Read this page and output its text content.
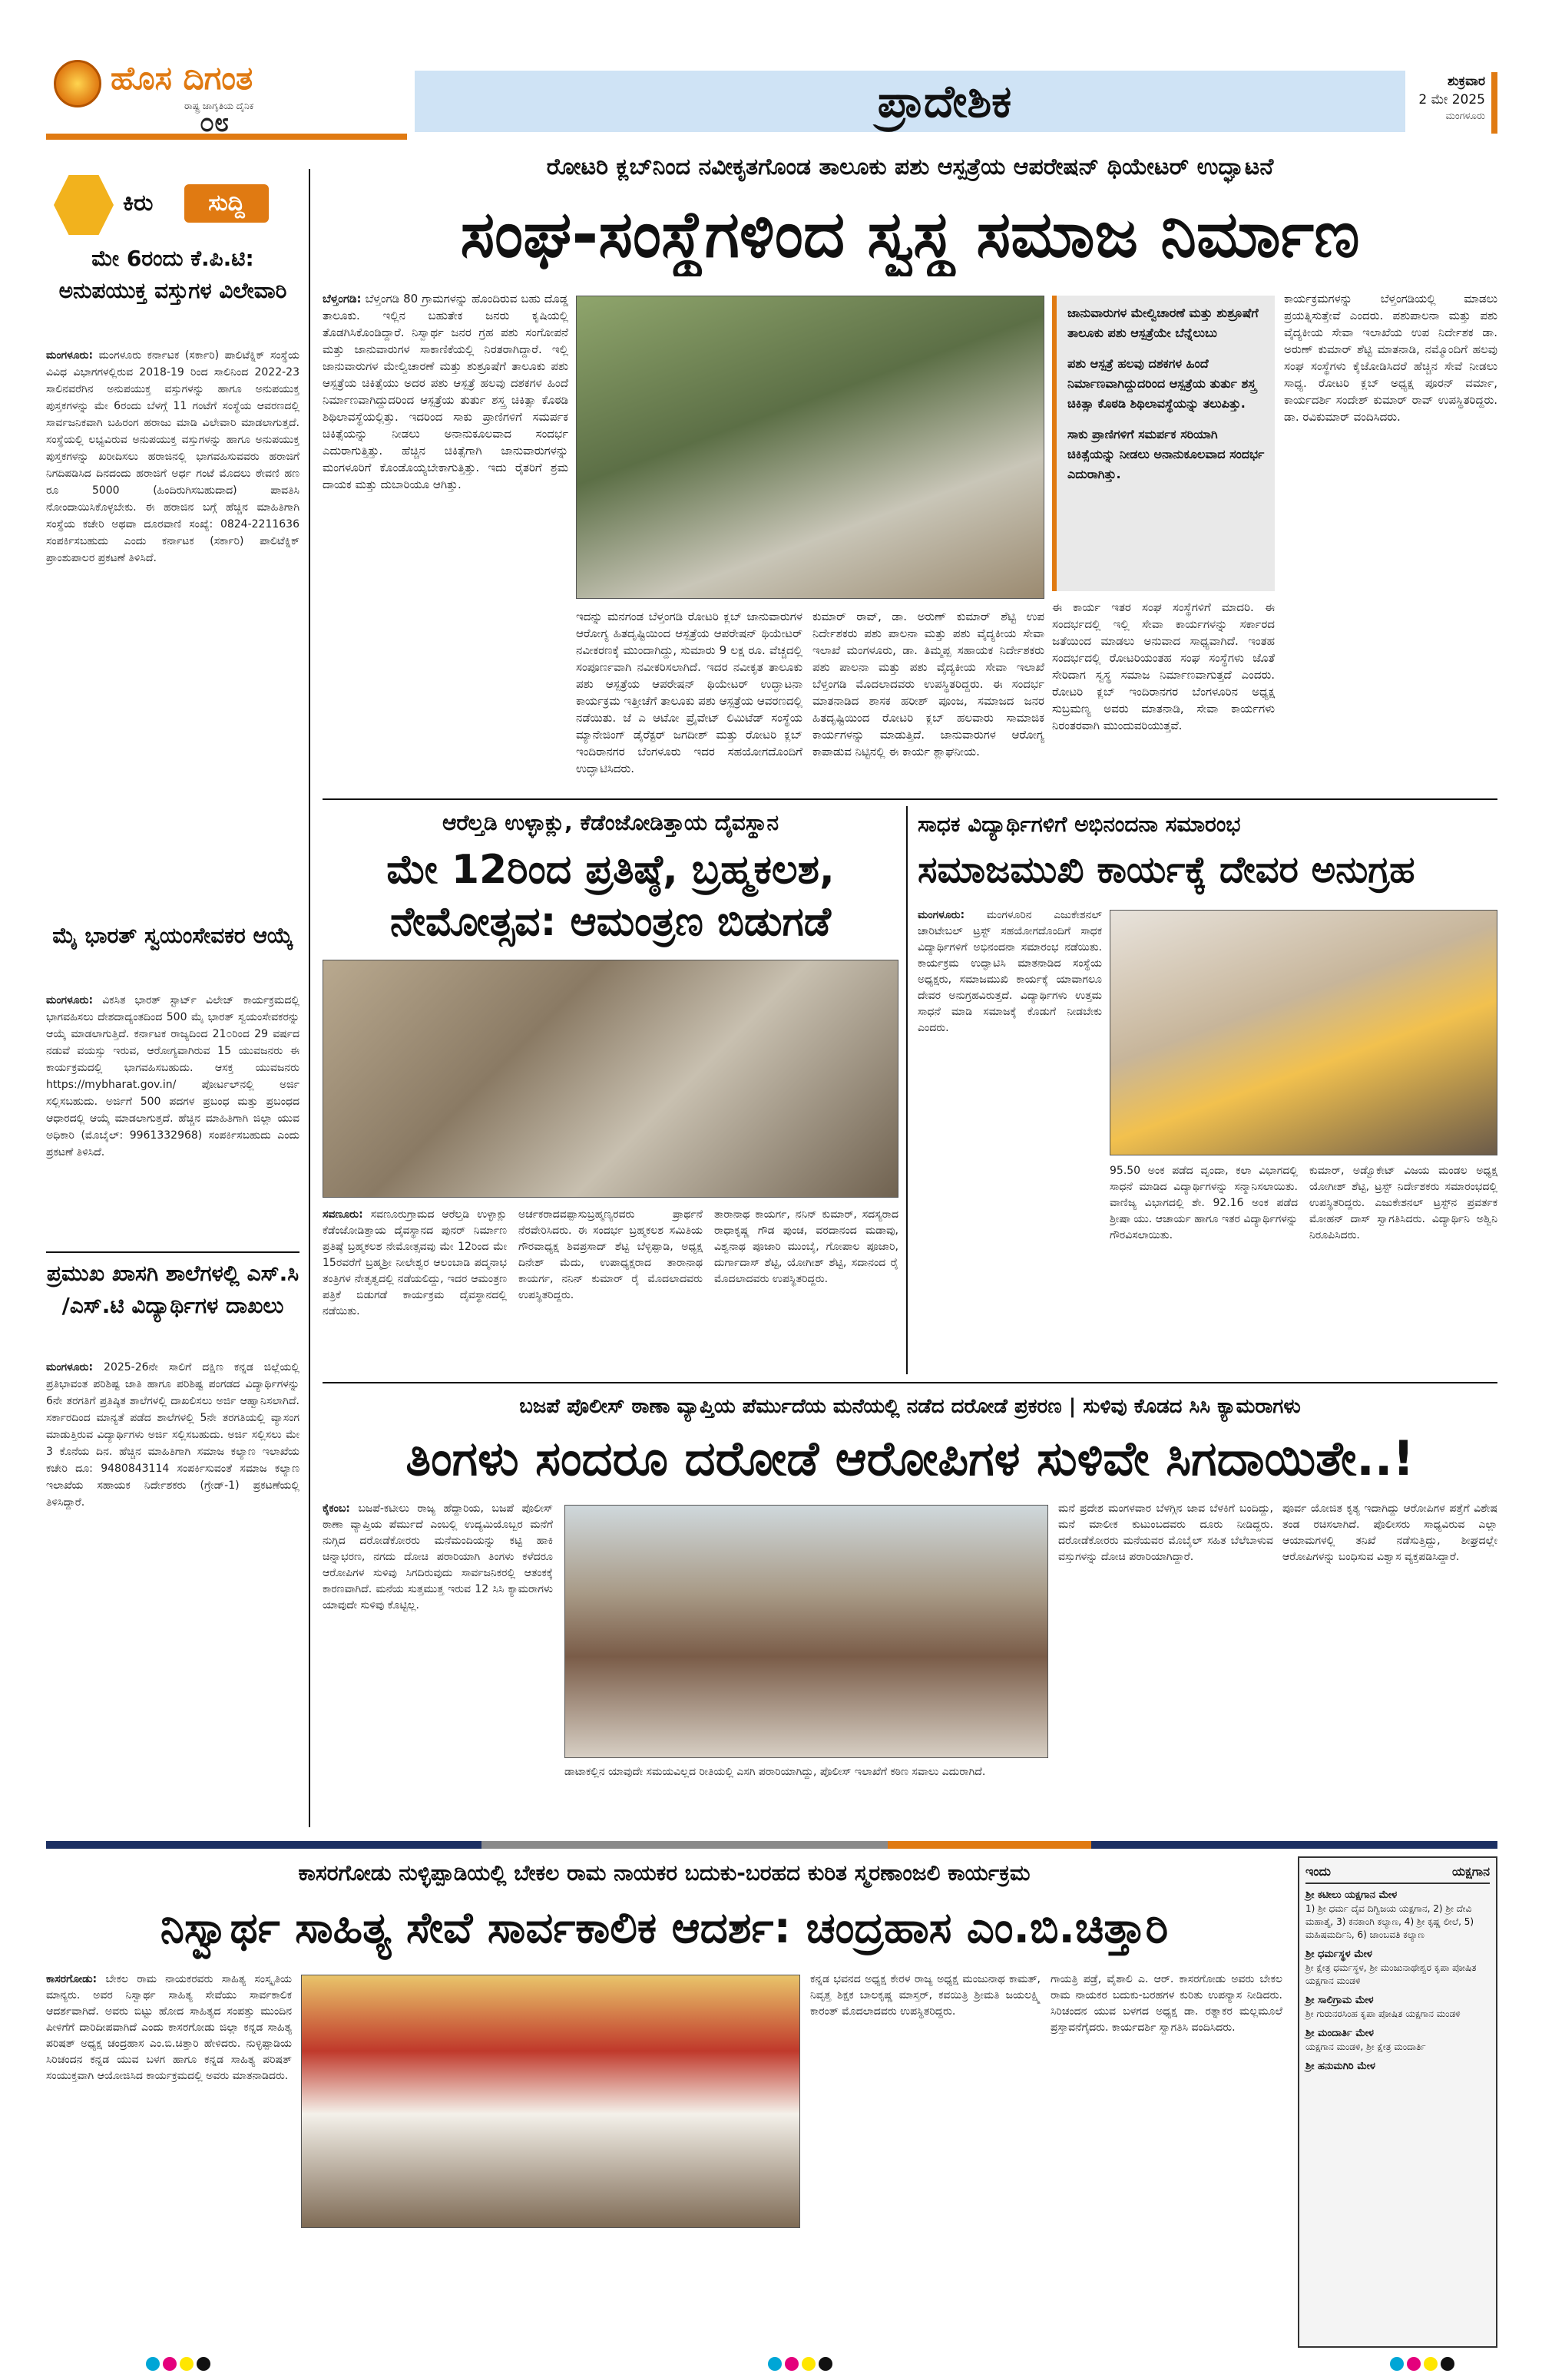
ಹೊಸ ದಿಗಂತ
ರಾಷ್ಟ್ರ ಜಾಗೃತಿಯ ದೈನಿಕ
೦೮	ಪ್ರಾದೇಶಿಕ	ಶುಕ್ರವಾರ
2 ಮೇ 2025
ಮಂಗಳೂರು
ಕಿರು	ಸುದ್ದಿ
ಮೇ 6ರಂದು ಕೆ.ಪಿ.ಟಿ: ಅನುಪಯುಕ್ತ ವಸ್ತುಗಳ ವಿಲೇವಾರಿ
ಮಂಗಳೂರು: ಮಂಗಳೂರು ಕರ್ನಾಟಕ (ಸರ್ಕಾರಿ) ಪಾಲಿಟೆಕ್ನಿಕ್ ಸಂಸ್ಥೆಯ ವಿವಿಧ ವಿಭಾಗಗಳಲ್ಲಿರುವ 2018-19 ರಿಂದ ಸಾಲಿನಿಂದ 2022-23 ಸಾಲಿನವರೆಗಿನ ಅನುಪಯುಕ್ತ ವಸ್ತುಗಳನ್ನು ಹಾಗೂ ಅನುಪಯುಕ್ತ ಪುಸ್ತಕಗಳನ್ನು ಮೇ 6ರಂದು ಬೆಳಗ್ಗೆ 11 ಗಂಟೆಗೆ ಸಂಸ್ಥೆಯ ಆವರಣದಲ್ಲಿ ಸಾರ್ವಜನಿಕವಾಗಿ ಬಹಿರಂಗ ಹರಾಜು ಮಾಡಿ ವಿಲೇವಾರಿ ಮಾಡಲಾಗುತ್ತದೆ. ಸಂಸ್ಥೆಯಲ್ಲಿ ಲಭ್ಯವಿರುವ ಅನುಪಯುಕ್ತ ವಸ್ತುಗಳನ್ನು ಹಾಗೂ ಅನುಪಯುಕ್ತ ಪುಸ್ತಕಗಳನ್ನು ಖರೀದಿಸಲು ಹರಾಜಿನಲ್ಲಿ ಭಾಗವಹಿಸುವವರು ಹರಾಜಿಗೆ ನಿಗದಿಪಡಿಸಿದ ದಿನದಂದು ಹರಾಜಿಗೆ ಅರ್ಧ ಗಂಟೆ ಮೊದಲು ಠೇವಣಿ ಹಣ ರೂ 5000 (ಹಿಂದಿರುಗಿಸಬಹುದಾದ) ಪಾವತಿಸಿ ನೋಂದಾಯಿಸಿಕೊಳ್ಳಬೇಕು. ಈ ಹರಾಜಿನ ಬಗ್ಗೆ ಹೆಚ್ಚಿನ ಮಾಹಿತಿಗಾಗಿ ಸಂಸ್ಥೆಯ ಕಚೇರಿ ಅಥವಾ ದೂರವಾಣಿ ಸಂಖ್ಯೆ: 0824-2211636 ಸಂಪರ್ಕಿಸಬಹುದು ಎಂದು ಕರ್ನಾಟಕ (ಸರ್ಕಾರಿ) ಪಾಲಿಟೆಕ್ನಿಕ್ ಪ್ರಾಂಶುಪಾಲರ ಪ್ರಕಟಣೆ ತಿಳಿಸಿದೆ.
ಮೈ ಭಾರತ್ ಸ್ವಯಂಸೇವಕರ ಆಯ್ಕೆ
ಮಂಗಳೂರು: ವಿಕಸಿತ ಭಾರತ್ ಸ್ಟಾರ್ಟ್ ವಿಲೇಜ್ ಕಾರ್ಯಕ್ರಮದಲ್ಲಿ ಭಾಗವಹಿಸಲು ದೇಶದಾದ್ಯಂತದಿಂದ 500 ಮೈ ಭಾರತ್ ಸ್ವಯಂಸೇವಕರನ್ನು ಆಯ್ಕೆ ಮಾಡಲಾಗುತ್ತಿದೆ. ಕರ್ನಾಟಕ ರಾಜ್ಯದಿಂದ 21೦ರಿಂದ 29 ವರ್ಷದ ನಡುವೆ ವಯಸ್ಸು ಇರುವ, ಆರೋಗ್ಯವಾಗಿರುವ 15 ಯುವಜನರು ಈ ಕಾರ್ಯಕ್ರಮದಲ್ಲಿ ಭಾಗವಹಿಸಬಹುದು. ಆಸಕ್ತ ಯುವಜನರು https://mybharat.gov.in/ ಪೋರ್ಟಲ್‌ನಲ್ಲಿ ಅರ್ಜಿ ಸಲ್ಲಿಸಬಹುದು. ಅರ್ಜಿಗೆ 500 ಪದಗಳ ಪ್ರಬಂಧ ಮತ್ತು ಪ್ರಬಂಧದ ಆಧಾರದಲ್ಲಿ ಆಯ್ಕೆ ಮಾಡಲಾಗುತ್ತದೆ. ಹೆಚ್ಚಿನ ಮಾಹಿತಿಗಾಗಿ ಜಿಲ್ಲಾ ಯುವ ಅಧಿಕಾರಿ (ಮೊಬೈಲ್: 9961332968) ಸಂಪರ್ಕಿಸಬಹುದು ಎಂದು ಪ್ರಕಟಣೆ ತಿಳಿಸಿದೆ.
ಪ್ರಮುಖ ಖಾಸಗಿ ಶಾಲೆಗಳಲ್ಲಿ ಎಸ್.ಸಿ /ಎಸ್.ಟಿ ವಿದ್ಯಾರ್ಥಿಗಳ ದಾಖಲು
ಮಂಗಳೂರು: 2025-26ನೇ ಸಾಲಿಗೆ ದಕ್ಷಿಣ ಕನ್ನಡ ಜಿಲ್ಲೆಯಲ್ಲಿ ಪ್ರತಿಭಾವಂತ ಪರಿಶಿಷ್ಟ ಜಾತಿ ಹಾಗೂ ಪರಿಶಿಷ್ಟ ಪಂಗಡದ ವಿದ್ಯಾರ್ಥಿಗಳನ್ನು 6ನೇ ತರಗತಿಗೆ ಪ್ರತಿಷ್ಠಿತ ಶಾಲೆಗಳಲ್ಲಿ ದಾಖಲಿಸಲು ಅರ್ಜಿ ಆಹ್ವಾನಿಸಲಾಗಿದೆ. ಸರ್ಕಾರದಿಂದ ಮಾನ್ಯತೆ ಪಡೆದ ಶಾಲೆಗಳಲ್ಲಿ 5ನೇ ತರಗತಿಯಲ್ಲಿ ವ್ಯಾಸಂಗ ಮಾಡುತ್ತಿರುವ ವಿದ್ಯಾರ್ಥಿಗಳು ಅರ್ಜಿ ಸಲ್ಲಿಸಬಹುದು. ಅರ್ಜಿ ಸಲ್ಲಿಸಲು ಮೇ 3 ಕೊನೆಯ ದಿನ. ಹೆಚ್ಚಿನ ಮಾಹಿತಿಗಾಗಿ ಸಮಾಜ ಕಲ್ಯಾಣ ಇಲಾಖೆಯ ಕಚೇರಿ ದೂ: 9480843114 ಸಂಪರ್ಕಿಸುವಂತೆ ಸಮಾಜ ಕಲ್ಯಾಣ ಇಲಾಖೆಯ ಸಹಾಯಕ ನಿರ್ದೇಶಕರು (ಗ್ರೇಡ್-1) ಪ್ರಕಟಣೆಯಲ್ಲಿ ತಿಳಿಸಿದ್ದಾರೆ.
ರೋಟರಿ ಕ್ಲಬ್‌ನಿಂದ ನವೀಕೃತಗೊಂಡ ತಾಲೂಕು ಪಶು ಆಸ್ಪತ್ರೆಯ ಆಪರೇಷನ್ ಥಿಯೇಟರ್ ಉದ್ಘಾಟನೆ
ಸಂಘ-ಸಂಸ್ಥೆಗಳಿಂದ ಸ್ವಸ್ಥ ಸಮಾಜ ನಿರ್ಮಾಣ
ಬೆಳ್ತಂಗಡಿ: ಬೆಳ್ತಂಗಡಿ 80 ಗ್ರಾಮಗಳನ್ನು ಹೊಂದಿರುವ ಬಹು ದೊಡ್ಡ ತಾಲೂಕು. ಇಲ್ಲಿನ ಬಹುತೇಕ ಜನರು ಕೃಷಿಯಲ್ಲಿ ತೊಡಗಿಸಿಕೊಂಡಿದ್ದಾರೆ. ನಿಸ್ವಾರ್ಥ ಜನರ ಗ್ರಹ ಪಶು ಸಂಗೋಪನೆ ಮತ್ತು ಜಾನುವಾರುಗಳ ಸಾಕಾಣಿಕೆಯಲ್ಲಿ ನಿರತರಾಗಿದ್ದಾರೆ. ಇಲ್ಲಿ ಜಾನುವಾರುಗಳ ಮೇಲ್ವಿಚಾರಣೆ ಮತ್ತು ಶುಶ್ರೂಷೆಗೆ ತಾಲೂಕು ಪಶು ಆಸ್ಪತ್ರೆಯ ಚಿಕಿತ್ಸೆಯು ಅದರ ಪಶು ಆಸ್ಪತ್ರೆ ಹಲವು ದಶಕಗಳ ಹಿಂದೆ ನಿರ್ಮಾಣವಾಗಿದ್ದುದರಿಂದ ಆಸ್ಪತ್ರೆಯ ತುರ್ತು ಶಸ್ತ್ರ ಚಿಕಿತ್ಸಾ ಕೊಠಡಿ ಶಿಥಿಲಾವಸ್ಥೆಯಲ್ಲಿತ್ತು. ಇದರಿಂದ ಸಾಕು ಪ್ರಾಣಿಗಳಿಗೆ ಸಮರ್ಪಕ ಚಿಕಿತ್ಸೆಯನ್ನು ನೀಡಲು ಅನಾನುಕೂಲವಾದ ಸಂದರ್ಭ ಎದುರಾಗುತ್ತಿತ್ತು. ಹೆಚ್ಚಿನ ಚಿಕಿತ್ಸೆಗಾಗಿ ಜಾನುವಾರುಗಳನ್ನು ಮಂಗಳೂರಿಗೆ ಕೊಂಡೊಯ್ಯಬೇಕಾಗುತ್ತಿತ್ತು. ಇದು ರೈತರಿಗೆ ಶ್ರಮ ದಾಯಕ ಮತ್ತು ದುಬಾರಿಯೂ ಆಗಿತ್ತು.
ಇದನ್ನು ಮನಗಂಡ ಬೆಳ್ತಂಗಡಿ ರೋಟರಿ ಕ್ಲಬ್ ಜಾನುವಾರುಗಳ ಆರೋಗ್ಯ ಹಿತದೃಷ್ಟಿಯಿಂದ ಆಸ್ಪತ್ರೆಯ ಆಪರೇಷನ್ ಥಿಯೇಟರ್ ನವೀಕರಣಕ್ಕೆ ಮುಂದಾಗಿದ್ದು, ಸುಮಾರು 9 ಲಕ್ಷ ರೂ. ವೆಚ್ಚದಲ್ಲಿ ಸಂಪೂರ್ಣವಾಗಿ ನವೀಕರಿಸಲಾಗಿದೆ. ಇದರ ನವೀಕೃತ ತಾಲೂಕು ಪಶು ಆಸ್ಪತ್ರೆಯ ಆಪರೇಷನ್ ಥಿಯೇಟರ್ ಉದ್ಘಾಟನಾ ಕಾರ್ಯಕ್ರಮ ಇತ್ತೀಚೆಗೆ ತಾಲೂಕು ಪಶು ಆಸ್ಪತ್ರೆಯ ಆವರಣದಲ್ಲಿ ನಡೆಯಿತು. ಜೆ ಎ ಆಟೋ ಪ್ರೈವೇಟ್ ಲಿಮಿಟೆಡ್ ಸಂಸ್ಥೆಯ ಮ್ಯಾನೇಜಿಂಗ್ ಡೈರೆಕ್ಟರ್ ಜಗದೀಶ್ ಮತ್ತು ರೋಟರಿ ಕ್ಲಬ್ ಇಂದಿರಾನಗರ ಬೆಂಗಳೂರು ಇದರ ಸಹಯೋಗದೊಂದಿಗೆ ಉದ್ಘಾಟಿಸಿದರು.
ಕುಮಾರ್ ರಾವ್, ಡಾ. ಅರುಣ್ ಕುಮಾರ್ ಶೆಟ್ಟಿ ಉಪ ನಿರ್ದೇಶಕರು ಪಶು ಪಾಲನಾ ಮತ್ತು ಪಶು ವೈದ್ಯಕೀಯ ಸೇವಾ ಇಲಾಖೆ ಮಂಗಳೂರು, ಡಾ. ತಿಮ್ಮಪ್ಪ ಸಹಾಯಕ ನಿರ್ದೇಶಕರು ಪಶು ಪಾಲನಾ ಮತ್ತು ಪಶು ವೈದ್ಯಕೀಯ ಸೇವಾ ಇಲಾಖೆ ಬೆಳ್ತಂಗಡಿ ಮೊದಲಾದವರು ಉಪಸ್ಥಿತರಿದ್ದರು. ಈ ಸಂದರ್ಭ ಮಾತನಾಡಿದ ಶಾಸಕ ಹರೀಶ್ ಪೂಂಜ, ಸಮಾಜದ ಜನರ ಹಿತದೃಷ್ಟಿಯಿಂದ ರೋಟರಿ ಕ್ಲಬ್ ಹಲವಾರು ಸಾಮಾಜಿಕ ಕಾರ್ಯಗಳನ್ನು ಮಾಡುತ್ತಿದೆ. ಜಾನುವಾರುಗಳ ಆರೋಗ್ಯ ಕಾಪಾಡುವ ನಿಟ್ಟಿನಲ್ಲಿ ಈ ಕಾರ್ಯ ಶ್ಲಾಘನೀಯ.
ಜಾನುವಾರುಗಳ ಮೇಲ್ವಿಚಾರಣೆ ಮತ್ತು ಶುಶ್ರೂಷೆಗೆ ತಾಲೂಕು ಪಶು ಆಸ್ಪತ್ರೆಯೇ ಬೆನ್ನೆಲುಬು
ಪಶು ಆಸ್ಪತ್ರೆ ಹಲವು ದಶಕಗಳ ಹಿಂದೆ ನಿರ್ಮಾಣವಾಗಿದ್ದುದರಿಂದ ಆಸ್ಪತ್ರೆಯ ತುರ್ತು ಶಸ್ತ್ರ ಚಿಕಿತ್ಸಾ ಕೊಠಡಿ ಶಿಥಿಲಾವಸ್ಥೆಯನ್ನು ತಲುಪಿತ್ತು.
ಸಾಕು ಪ್ರಾಣಿಗಳಿಗೆ ಸಮರ್ಪಕ ಸರಿಯಾಗಿ ಚಿಕಿತ್ಸೆಯನ್ನು ನೀಡಲು ಅನಾನುಕೂಲವಾದ ಸಂದರ್ಭ ಎದುರಾಗಿತ್ತು.
ಈ ಕಾರ್ಯ ಇತರ ಸಂಘ ಸಂಸ್ಥೆಗಳಿಗೆ ಮಾದರಿ. ಈ ಸಂದರ್ಭದಲ್ಲಿ ಇಲ್ಲಿ ಸೇವಾ ಕಾರ್ಯಗಳನ್ನು ಸರ್ಕಾರದ ಜತೆಯಿಂದ ಮಾಡಲು ಅನುವಾದ ಸಾಧ್ಯವಾಗಿದೆ. ಇಂತಹ ಸಂದರ್ಭದಲ್ಲಿ ರೋಟರಿಯಂತಹ ಸಂಘ ಸಂಸ್ಥೆಗಳು ಜೊತೆ ಸೇರಿದಾಗ ಸ್ವಸ್ಥ ಸಮಾಜ ನಿರ್ಮಾಣವಾಗುತ್ತದೆ ಎಂದರು. ರೋಟರಿ ಕ್ಲಬ್ ಇಂದಿರಾನಗರ ಬೆಂಗಳೂರಿನ ಅಧ್ಯಕ್ಷ ಸುಬ್ರಮಣ್ಯ ಅವರು ಮಾತನಾಡಿ, ಸೇವಾ ಕಾರ್ಯಗಳು ನಿರಂತರವಾಗಿ ಮುಂದುವರಿಯುತ್ತವೆ.
ಕಾರ್ಯಕ್ರಮಗಳನ್ನು ಬೆಳ್ತಂಗಡಿಯಲ್ಲಿ ಮಾಡಲು ಪ್ರಯತ್ನಿಸುತ್ತೇವೆ ಎಂದರು. ಪಶುಪಾಲನಾ ಮತ್ತು ಪಶು ವೈದ್ಯಕೀಯ ಸೇವಾ ಇಲಾಖೆಯ ಉಪ ನಿರ್ದೇಶಕ ಡಾ. ಅರುಣ್ ಕುಮಾರ್ ಶೆಟ್ಟಿ ಮಾತನಾಡಿ, ನಮ್ಮೊಂದಿಗೆ ಹಲವು ಸಂಘ ಸಂಸ್ಥೆಗಳು ಕೈಜೋಡಿಸಿದರೆ ಹೆಚ್ಚಿನ ಸೇವೆ ನೀಡಲು ಸಾಧ್ಯ. ರೋಟರಿ ಕ್ಲಬ್ ಅಧ್ಯಕ್ಷ ಪೂರನ್ ವರ್ಮಾ, ಕಾರ್ಯದರ್ಶಿ ಸಂದೇಶ್ ಕುಮಾರ್ ರಾವ್ ಉಪಸ್ಥಿತರಿದ್ದರು. ಡಾ. ರವಿಕುಮಾರ್ ವಂದಿಸಿದರು.
ಆರೆಲ್ತಡಿ ಉಳ್ಳಾಕ್ಲು, ಕೆಡೆಂಜೋಡಿತ್ತಾಯ ದೈವಸ್ಥಾನ
ಮೇ 12ರಿಂದ ಪ್ರತಿಷ್ಠೆ, ಬ್ರಹ್ಮಕಲಶ,
ನೇಮೋತ್ಸವ: ಆಮಂತ್ರಣ ಬಿಡುಗಡೆ
ಸವಣೂರು: ಸವಣೂರುಗ್ರಾಮದ ಆರೆಲ್ತಡಿ ಉಳ್ಳಾಕ್ಲು ಕೆಡೆಂಜೋಡಿತ್ತಾಯ ದೈವಸ್ಥಾನದ ಪುನರ್ ನಿರ್ಮಾಣ ಪ್ರತಿಷ್ಠೆ ಬ್ರಹ್ಮಕಲಶ ನೇಮೋತ್ಸವವು ಮೇ 12ರಿಂದ ಮೇ 15ರವರೆಗೆ ಬ್ರಹ್ಮಶ್ರೀ ನೀಲೇಶ್ವರ ಆಲಂಬಾಡಿ ಪದ್ಮನಾಭ ತಂತ್ರಿಗಳ ನೇತೃತ್ವದಲ್ಲಿ ನಡೆಯಲಿದ್ದು, ಇದರ ಆಮಂತ್ರಣ ಪತ್ರಿಕೆ ಬಿಡುಗಡೆ ಕಾರ್ಯಕ್ರಮ ದೈವಸ್ಥಾನದಲ್ಲಿ ನಡೆಯಿತು.
ಅರ್ಚಕರಾದವಪ್ಪಾಸುಬ್ರಹ್ಮಣ್ಯರವರು ಪ್ರಾರ್ಥನೆ ನೆರವೇರಿಸಿದರು. ಈ ಸಂದರ್ಭ ಬ್ರಹ್ಮಕಲಶ ಸಮಿತಿಯ ಗೌರವಾಧ್ಯಕ್ಷ ಶಿವಪ್ರಸಾದ್ ಶೆಟ್ಟಿ ಬೆಳ್ಳಿಪ್ಪಾಡಿ, ಅಧ್ಯಕ್ಷ ದಿನೇಶ್ ಮೆದು, ಉಪಾಧ್ಯಕ್ಷರಾದ ತಾರಾನಾಥ ಕಾಯರ್ಗ, ನನಿನ್ ಕುಮಾರ್ ರೈ ಮೊದಲಾದವರು ಉಪಸ್ಥಿತರಿದ್ದರು.
ತಾರಾನಾಥ ಕಾಯರ್ಗ, ನನಿನ್ ಕುಮಾರ್, ಸದಸ್ಯರಾದ ರಾಧಾಕೃಷ್ಣ ಗೌಡ ಪುಂಚ, ವರದಾನಂದ ಮಡಾವು, ವಿಶ್ವನಾಥ ಪೂಜಾರಿ ಮುಂಬೈ, ಗೋಪಾಲ ಪೂಜಾರಿ, ದುರ್ಗಾದಾಸ್ ಶೆಟ್ಟಿ, ಯೋಗೀಶ್ ಶೆಟ್ಟಿ, ಸದಾನಂದ ರೈ ಮೊದಲಾದವರು ಉಪಸ್ಥಿತರಿದ್ದರು.
ಸಾಧಕ ವಿದ್ಯಾರ್ಥಿಗಳಿಗೆ ಅಭಿನಂದನಾ ಸಮಾರಂಭ
ಸಮಾಜಮುಖಿ ಕಾರ್ಯಕ್ಕೆ ದೇವರ ಅನುಗ್ರಹ
ಮಂಗಳೂರು: ಮಂಗಳೂರಿನ ಎಜುಕೇಶನಲ್ ಚಾರಿಟೇಬಲ್ ಟ್ರಸ್ಟ್ ಸಹಯೋಗದೊಂದಿಗೆ ಸಾಧಕ ವಿದ್ಯಾರ್ಥಿಗಳಿಗೆ ಅಭಿನಂದನಾ ಸಮಾರಂಭ ನಡೆಯಿತು. ಕಾರ್ಯಕ್ರಮ ಉದ್ಘಾಟಿಸಿ ಮಾತನಾಡಿದ ಸಂಸ್ಥೆಯ ಅಧ್ಯಕ್ಷರು, ಸಮಾಜಮುಖಿ ಕಾರ್ಯಕ್ಕೆ ಯಾವಾಗಲೂ ದೇವರ ಅನುಗ್ರಹವಿರುತ್ತದೆ. ವಿದ್ಯಾರ್ಥಿಗಳು ಉತ್ತಮ ಸಾಧನೆ ಮಾಡಿ ಸಮಾಜಕ್ಕೆ ಕೊಡುಗೆ ನೀಡಬೇಕು ಎಂದರು.
95.50 ಅಂಕ ಪಡೆದ ವೃಂದಾ, ಕಲಾ ವಿಭಾಗದಲ್ಲಿ ಸಾಧನೆ ಮಾಡಿದ ವಿದ್ಯಾರ್ಥಿಗಳನ್ನು ಸನ್ಮಾನಿಸಲಾಯಿತು. ವಾಣಿಜ್ಯ ವಿಭಾಗದಲ್ಲಿ ಶೇ. 92.16 ಅಂಕ ಪಡೆದ ಶ್ರೀಷಾ ಯು. ಆಚಾರ್ಯ ಹಾಗೂ ಇತರ ವಿದ್ಯಾರ್ಥಿಗಳನ್ನು ಗೌರವಿಸಲಾಯಿತು.
ಕುಮಾರ್, ಅಡ್ವೊಕೇಟ್ ವಿಜಯ ಮಂಡಲ ಅಧ್ಯಕ್ಷ ಯೋಗೀಶ್ ಶೆಟ್ಟಿ, ಟ್ರಸ್ಟ್ ನಿರ್ದೇಶಕರು ಸಮಾರಂಭದಲ್ಲಿ ಉಪಸ್ಥಿತರಿದ್ದರು. ಎಜುಕೇಶನಲ್ ಟ್ರಸ್ಟ್‌ನ ಪ್ರವರ್ತಕ ಮೋಹನ್ ದಾಸ್ ಸ್ವಾಗತಿಸಿದರು. ವಿದ್ಯಾರ್ಥಿನಿ ಅಶ್ವಿನಿ ನಿರೂಪಿಸಿದರು.
ಬಜಪೆ ಪೊಲೀಸ್ ಠಾಣಾ ವ್ಯಾಪ್ತಿಯ ಪೆರ್ಮುದೆಯ ಮನೆಯಲ್ಲಿ ನಡೆದ ದರೋಡೆ ಪ್ರಕರಣ | ಸುಳಿವು ಕೊಡದ ಸಿಸಿ ಕ್ಯಾಮರಾಗಳು
ತಿಂಗಳು ಸಂದರೂ ದರೋಡೆ ಆರೋಪಿಗಳ ಸುಳಿವೇ ಸಿಗದಾಯಿತೇ..!
ಕೈಕಂಬ: ಬಜಪೆ-ಕಟೀಲು ರಾಜ್ಯ ಹೆದ್ದಾರಿಯ, ಬಜಪೆ ಪೊಲೀಸ್ ಠಾಣಾ ವ್ಯಾಪ್ತಿಯ ಪೆರ್ಮುದೆ ಎಂಬಲ್ಲಿ ಉದ್ಯಮಿಯೊಬ್ಬರ ಮನೆಗೆ ನುಗ್ಗಿದ ದರೋಡೆಕೋರರು ಮನೆಮಂದಿಯನ್ನು ಕಟ್ಟಿ ಹಾಕಿ ಚಿನ್ನಾಭರಣ, ನಗದು ದೋಚಿ ಪರಾರಿಯಾಗಿ ತಿಂಗಳು ಕಳೆದರೂ ಆರೋಪಿಗಳ ಸುಳಿವು ಸಿಗದಿರುವುದು ಸಾರ್ವಜನಿಕರಲ್ಲಿ ಆತಂಕಕ್ಕೆ ಕಾರಣವಾಗಿದೆ. ಮನೆಯ ಸುತ್ತಮುತ್ತ ಇರುವ 12 ಸಿಸಿ ಕ್ಯಾಮರಾಗಳು ಯಾವುದೇ ಸುಳಿವು ಕೊಟ್ಟಿಲ್ಲ.
ಡಾಟಾಕಲ್ಲಿನ ಯಾವುದೇ ಸಮಯವಿಲ್ಲದ ರೀತಿಯಲ್ಲಿ ಎಸಗಿ ಪರಾರಿಯಾಗಿದ್ದು, ಪೊಲೀಸ್ ಇಲಾಖೆಗೆ ಕಠಿಣ ಸವಾಲು ಎದುರಾಗಿದೆ.
ಮನೆ ಪ್ರದೇಶ ಮಂಗಳವಾರ ಬೆಳಗ್ಗಿನ ಜಾವ ಬೆಳಕಿಗೆ ಬಂದಿದ್ದು, ಮನೆ ಮಾಲೀಕ ಕುಟುಂಬದವರು ದೂರು ನೀಡಿದ್ದರು. ದರೋಡೆಕೋರರು ಮನೆಯವರ ಮೊಬೈಲ್ ಸಹಿತ ಬೆಲೆಬಾಳುವ ವಸ್ತುಗಳನ್ನು ದೋಚಿ ಪರಾರಿಯಾಗಿದ್ದಾರೆ.
ಪೂರ್ವ ಯೋಜಿತ ಕೃತ್ಯ ಇದಾಗಿದ್ದು ಆರೋಪಿಗಳ ಪತ್ತೆಗೆ ವಿಶೇಷ ತಂಡ ರಚಿಸಲಾಗಿದೆ. ಪೊಲೀಸರು ಸಾಧ್ಯವಿರುವ ಎಲ್ಲಾ ಆಯಾಮಗಳಲ್ಲಿ ತನಿಖೆ ನಡೆಸುತ್ತಿದ್ದು, ಶೀಘ್ರದಲ್ಲೇ ಆರೋಪಿಗಳನ್ನು ಬಂಧಿಸುವ ವಿಶ್ವಾಸ ವ್ಯಕ್ತಪಡಿಸಿದ್ದಾರೆ.
ಕಾಸರಗೋಡು ನುಳ್ಳಿಪ್ಪಾಡಿಯಲ್ಲಿ ಬೇಕಲ ರಾಮ ನಾಯಕರ ಬದುಕು-ಬರಹದ ಕುರಿತ ಸ್ಮರಣಾಂಜಲಿ ಕಾರ್ಯಕ್ರಮ
ನಿಸ್ವಾರ್ಥ ಸಾಹಿತ್ಯ ಸೇವೆ ಸಾರ್ವಕಾಲಿಕ ಆದರ್ಶ: ಚಂದ್ರಹಾಸ ಎಂ.ಬಿ.ಚಿತ್ತಾರಿ
ಕಾಸರಗೋಡು: ಬೇಕಲ ರಾಮ ನಾಯಕರವರು ಸಾಹಿತ್ಯ ಸಂಸ್ಕೃತಿಯ ಮಾನ್ಯರು. ಅವರ ನಿಸ್ವಾರ್ಥ ಸಾಹಿತ್ಯ ಸೇವೆಯು ಸಾರ್ವಕಾಲಿಕ ಆದರ್ಶವಾಗಿದೆ. ಅವರು ಬಿಟ್ಟು ಹೋದ ಸಾಹಿತ್ಯದ ಸಂಪತ್ತು ಮುಂದಿನ ಪೀಳಿಗೆಗೆ ದಾರಿದೀಪವಾಗಿದೆ ಎಂದು ಕಾಸರಗೋಡು ಜಿಲ್ಲಾ ಕನ್ನಡ ಸಾಹಿತ್ಯ ಪರಿಷತ್ ಅಧ್ಯಕ್ಷ ಚಂದ್ರಹಾಸ ಎಂ.ಬಿ.ಚಿತ್ತಾರಿ ಹೇಳಿದರು. ನುಳ್ಳಿಪ್ಪಾಡಿಯ ಸಿರಿಚಂದನ ಕನ್ನಡ ಯುವ ಬಳಗ ಹಾಗೂ ಕನ್ನಡ ಸಾಹಿತ್ಯ ಪರಿಷತ್ ಸಂಯುಕ್ತವಾಗಿ ಆಯೋಜಿಸಿದ ಕಾರ್ಯಕ್ರಮದಲ್ಲಿ ಅವರು ಮಾತನಾಡಿದರು.
ಕನ್ನಡ ಭವನದ ಅಧ್ಯಕ್ಷ ಕೇರಳ ರಾಜ್ಯ ಅಧ್ಯಕ್ಷ ಮಂಜುನಾಥ ಕಾಮತ್, ನಿವೃತ್ತ ಶಿಕ್ಷಕ ಬಾಲಕೃಷ್ಣ ಮಾಸ್ತರ್, ಕವಯಿತ್ರಿ ಶ್ರೀಮತಿ ಜಯಲಕ್ಷ್ಮಿ ಕಾರಂತ್ ಮೊದಲಾದವರು ಉಪಸ್ಥಿತರಿದ್ದರು.
ಗಾಯತ್ರಿ ಪಡ್ರೆ, ವೈಶಾಲಿ ಎ. ಆರ್. ಕಾಸರಗೋಡು ಅವರು ಬೇಕಲ ರಾಮ ನಾಯಕರ ಬದುಕು-ಬರಹಗಳ ಕುರಿತು ಉಪನ್ಯಾಸ ನೀಡಿದರು. ಸಿರಿಚಂದನ ಯುವ ಬಳಗದ ಅಧ್ಯಕ್ಷ ಡಾ. ರತ್ನಾಕರ ಮಲ್ಲಮೂಲೆ ಪ್ರಸ್ತಾವನೆಗೈದರು. ಕಾರ್ಯದರ್ಶಿ ಸ್ವಾಗತಿಸಿ ವಂದಿಸಿದರು.
ಇಂದು	ಯಕ್ಷಗಾನ
ಶ್ರೀ ಕಟೀಲು ಯಕ್ಷಗಾನ ಮೇಳ
1) ಶ್ರೀ ಧರ್ಮ ದೈವ ದಿಗ್ವಿಜಯ ಯಕ್ಷಗಾನ, 2) ಶ್ರೀ ದೇವಿ ಮಹಾತ್ಮೆ, 3) ಕನಕಾಂಗಿ ಕಲ್ಯಾಣ, 4) ಶ್ರೀ ಕೃಷ್ಣ ಲೀಲೆ, 5) ಮಹಿಷಮರ್ದಿನಿ, 6) ಜಾಂಬವತಿ ಕಲ್ಯಾಣ
ಶ್ರೀ ಧರ್ಮಸ್ಥಳ ಮೇಳ
ಶ್ರೀ ಕ್ಷೇತ್ರ ಧರ್ಮಸ್ಥಳ, ಶ್ರೀ ಮಂಜುನಾಥೇಶ್ವರ ಕೃಪಾ ಪೋಷಿತ ಯಕ್ಷಗಾನ ಮಂಡಳಿ
ಶ್ರೀ ಸಾಲಿಗ್ರಾಮ ಮೇಳ
ಶ್ರೀ ಗುರುನರಸಿಂಹ ಕೃಪಾ ಪೋಷಿತ ಯಕ್ಷಗಾನ ಮಂಡಳಿ
ಶ್ರೀ ಮಂದಾರ್ತಿ ಮೇಳ
ಯಕ್ಷಗಾನ ಮಂಡಳಿ, ಶ್ರೀ ಕ್ಷೇತ್ರ ಮಂದಾರ್ತಿ
ಶ್ರೀ ಹನುಮಗಿರಿ ಮೇಳ
